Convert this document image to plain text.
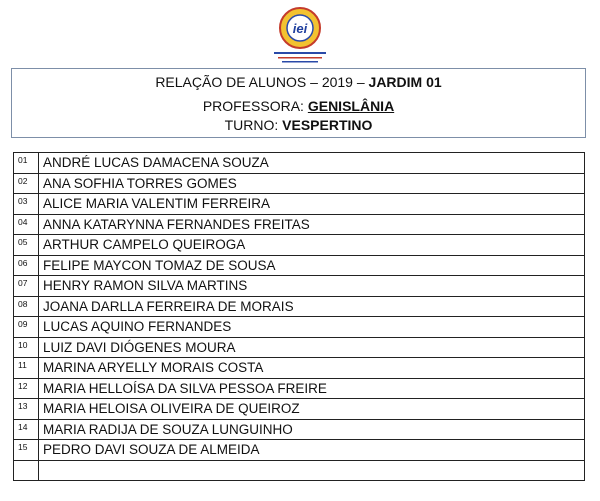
iei
RELAÇÃO DE ALUNOS – 2019 – JARDIM 01
PROFESSORA: GENISLÂNIA
TURNO: VESPERTINO
01	ANDRÉ LUCAS DAMACENA SOUZA
02	ANA SOFHIA TORRES GOMES
03	ALICE MARIA VALENTIM FERREIRA
04	ANNA KATARYNNA FERNANDES FREITAS
05	ARTHUR CAMPELO QUEIROGA
06	FELIPE MAYCON TOMAZ DE SOUSA
07	HENRY RAMON SILVA MARTINS
08	JOANA DARLLA FERREIRA DE MORAIS
09	LUCAS AQUINO FERNANDES
10	LUIZ DAVI DIÓGENES MOURA
11	MARINA ARYELLY MORAIS COSTA
12	MARIA HELLOÍSA DA SILVA PESSOA FREIRE
13	MARIA HELOISA OLIVEIRA DE QUEIROZ
14	MARIA RADIJA DE SOUZA LUNGUINHO
15	PEDRO DAVI SOUZA DE ALMEIDA
